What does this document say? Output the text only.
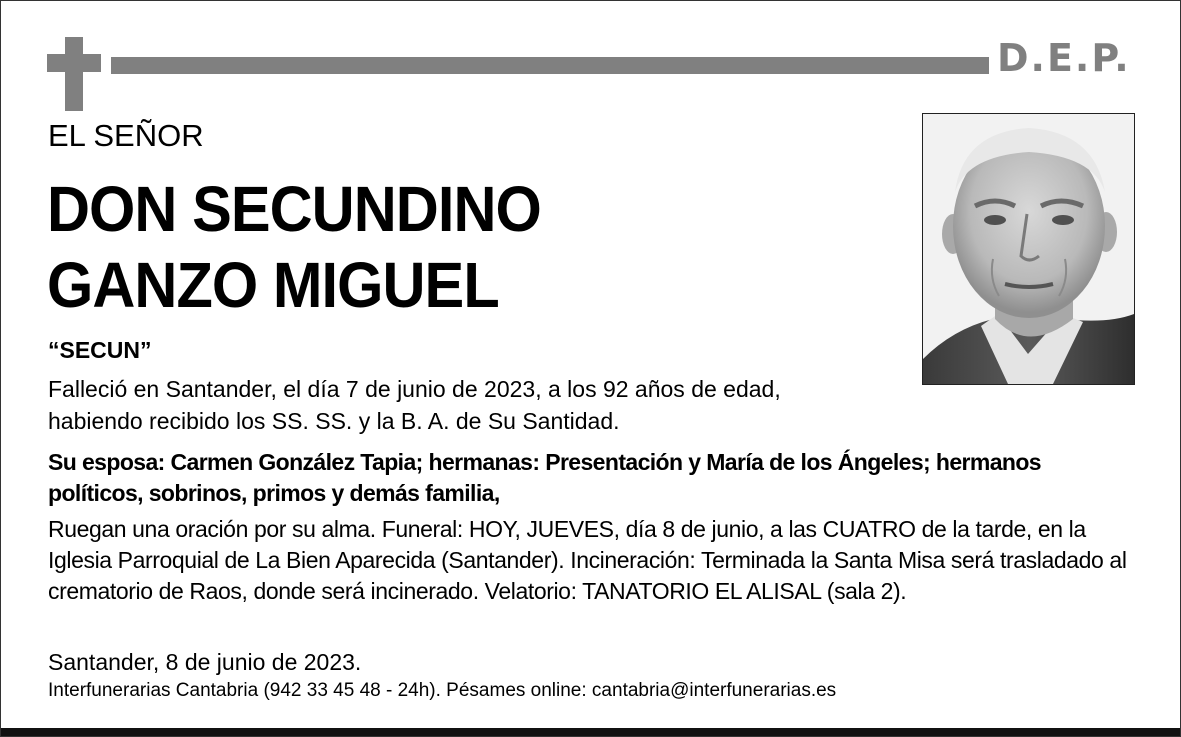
D.E.P.
EL SEÑOR
DON SECUNDINO
GANZO MIGUEL
“SECUN”
Falleció en Santander, el día 7 de junio de 2023, a los 92 años de edad, habiendo recibido los SS. SS. y la B. A. de Su Santidad.
Su esposa: Carmen González Tapia; hermanas: Presentación y María de los Ángeles; hermanos políticos, sobrinos, primos y demás familia,
Ruegan una oración por su alma. Funeral: HOY, JUEVES, día 8 de junio, a las CUATRO de la tarde, en la Iglesia Parroquial de La Bien Aparecida (Santander). Incineración: Terminada la Santa Misa será trasladado al crematorio de Raos, donde será incinerado. Velatorio: TANATORIO EL ALISAL (sala 2).
Santander, 8 de junio de 2023.
Interfunerarias Cantabria (942 33 45 48 - 24h). Pésames online: cantabria@interfunerarias.es
